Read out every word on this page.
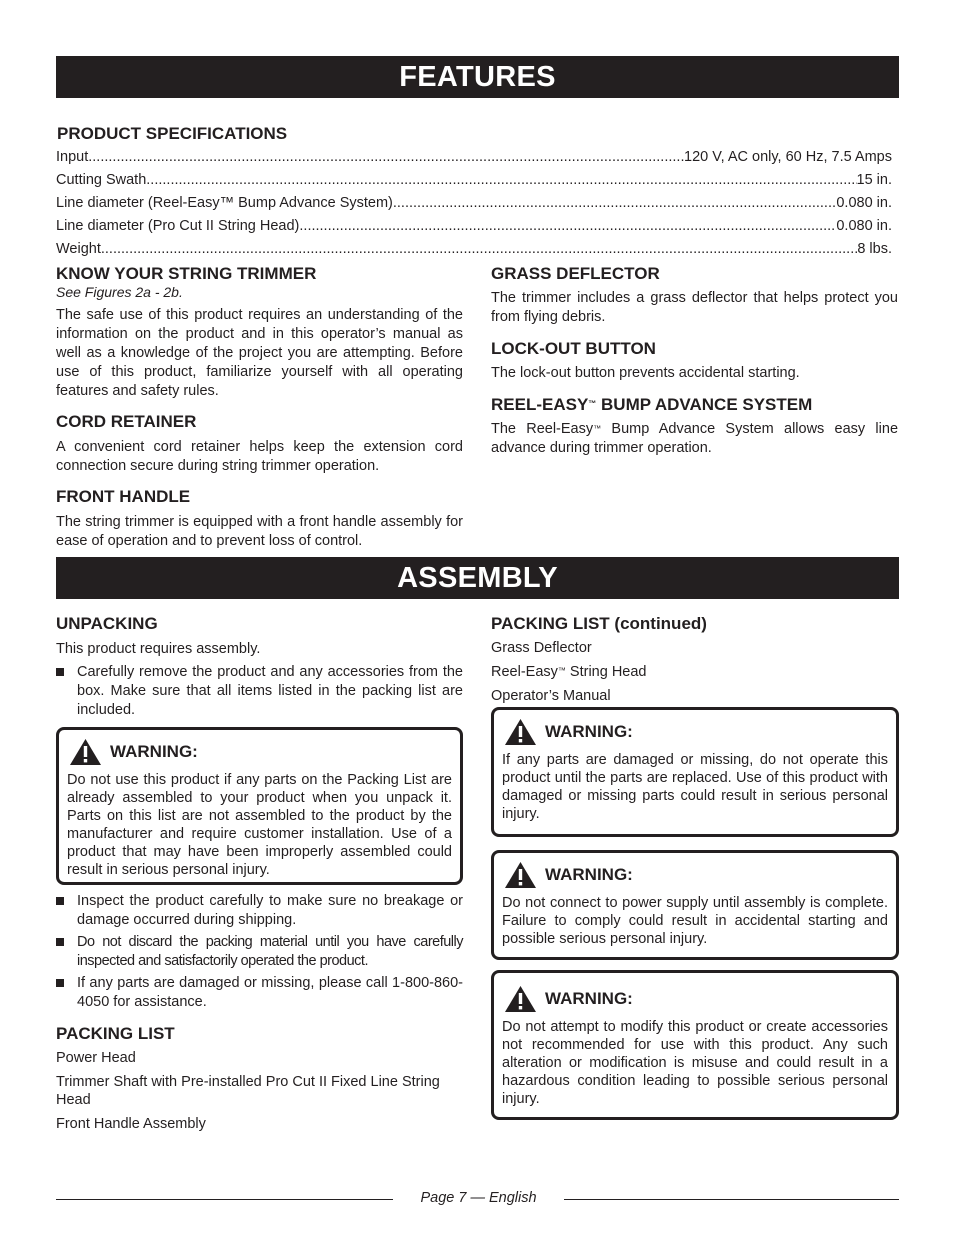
FEATURES
PRODUCT SPECIFICATIONS
Input .....	120 V, AC only, 60 Hz, 7.5 Amps
Cutting Swath .....	15 in.
Line diameter (Reel-Easy™ Bump Advance System) .....	0.080 in.
Line diameter (Pro Cut II String Head) .....	0.080 in.
Weight .....	8 lbs.
KNOW YOUR STRING TRIMMER
See Figures 2a - 2b.

The safe use of this product requires an understanding of the information on the product and in this operator’s manual as well as a knowledge of the project you are attempting. Before use of this product, familiarize yourself with all operating features and safety rules.

CORD RETAINER

A convenient cord retainer helps keep the extension cord connection secure during string trimmer operation.

FRONT HANDLE

The string trimmer is equipped with a front handle assembly for ease of operation and to prevent loss of control.

GRASS DEFLECTOR

The trimmer includes a grass deflector that helps protect you from flying debris.

LOCK-OUT BUTTON

The lock-out button prevents accidental starting.

REEL-EASY™ BUMP ADVANCE SYSTEM

The Reel-Easy™ Bump Advance System allows easy line advance during trimmer operation.

ASSEMBLY
UNPACKING

This product requires assembly.

Carefully remove the product and any accessories from the box. Make sure that all items listed in the packing list are included.
WARNING:

Do not use this product if any parts on the Packing List are already assembled to your product when you unpack it. Parts on this list are not assembled to the product by the manufacturer and require customer installation. Use of a product that may have been improperly assembled could result in serious personal injury.

Inspect the product carefully to make sure no breakage or damage occurred during shipping.
Do not discard the packing material until you have carefully inspected and satisfactorily operated the product.
If any parts are damaged or missing, please call 1-800-860-4050 for assistance.
PACKING LIST
Power Head
Trimmer Shaft with Pre-installed Pro Cut II Fixed Line String Head
Front Handle Assembly
PACKING LIST (continued)
Grass Deflector
Reel-Easy™ String Head
Operator’s Manual
WARNING:

If any parts are damaged or missing, do not operate this product until the parts are replaced. Use of this product with damaged or missing parts could result in serious personal injury.

WARNING:

Do not connect to power supply until assembly is complete. Failure to comply could result in accidental starting and possible serious personal injury.

WARNING:

Do not attempt to modify this product or create accessories not recommended for use with this product. Any such alteration or modification is misuse and could result in a hazardous condition leading to possible serious personal injury.

Page 7 — English
